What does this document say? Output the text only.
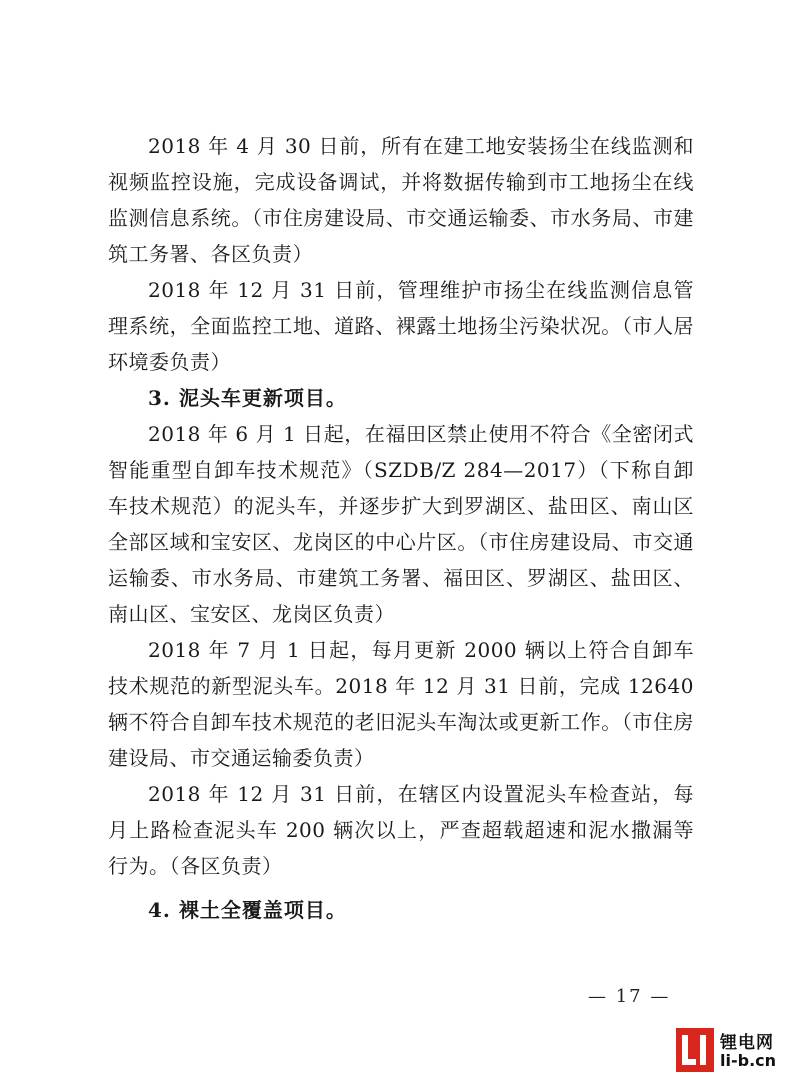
2018 年 4 月 30 日前，所有在建工地安装扬尘在线监测和视频监控设施，完成设备调试，并将数据传输到市工地扬尘在线监测信息系统。（市住房建设局、市交通运输委、市水务局、市建筑工务署、各区负责）

2018 年 12 月 31 日前，管理维护市扬尘在线监测信息管理系统，全面监控工地、道路、裸露土地扬尘污染状况。（市人居环境委负责）

3. 泥头车更新项目。

2018 年 6 月 1 日起，在福田区禁止使用不符合《全密闭式智能重型自卸车技术规范》（SZDB/Z 284—2017）（下称自卸车技术规范）的泥头车，并逐步扩大到罗湖区、盐田区、南山区全部区域和宝安区、龙岗区的中心片区。（市住房建设局、市交通运输委、市水务局、市建筑工务署、福田区、罗湖区、盐田区、南山区、宝安区、龙岗区负责）

2018 年 7 月 1 日起，每月更新 2000 辆以上符合自卸车技术规范的新型泥头车。2018 年 12 月 31 日前，完成 12640 辆不符合自卸车技术规范的老旧泥头车淘汰或更新工作。（市住房建设局、市交通运输委负责）

2018 年 12 月 31 日前，在辖区内设置泥头车检查站，每月上路检查泥头车 200 辆次以上，严查超载超速和泥水撒漏等行为。（各区负责）

4. 裸土全覆盖项目。

— 17 —
锂电网
li-b.cn
